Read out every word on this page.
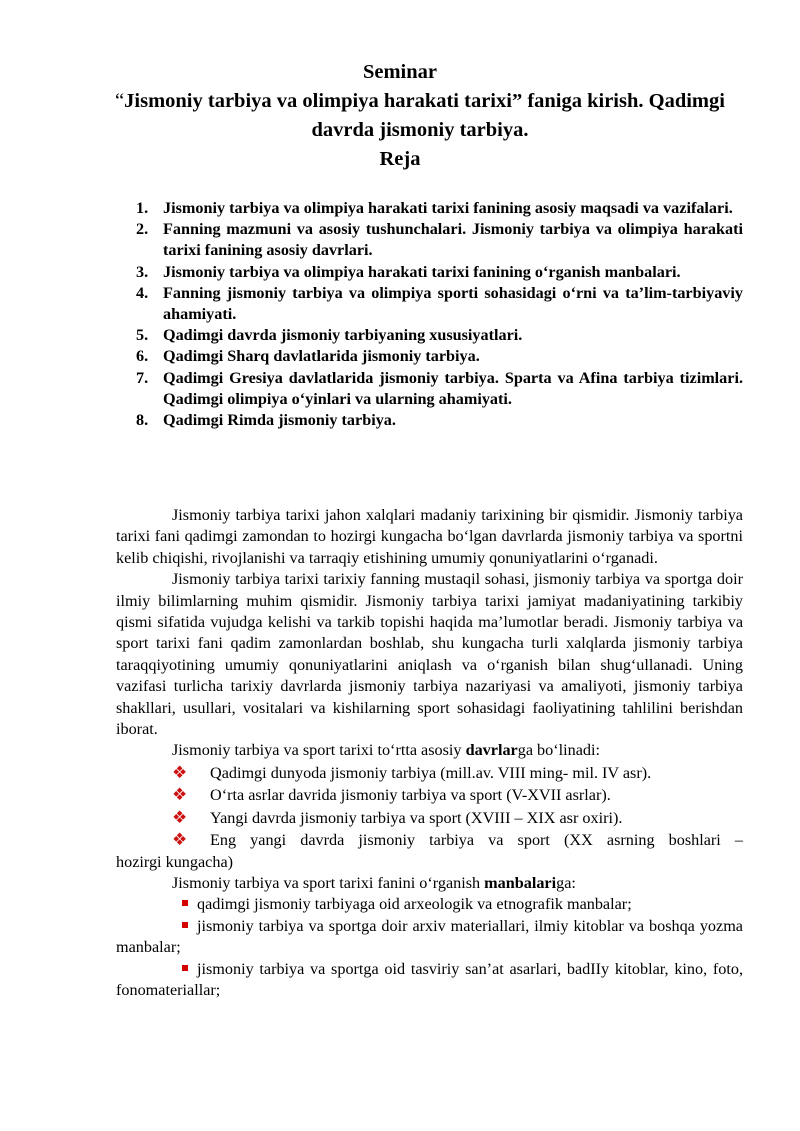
Seminar
“Jismoniy tarbiya va olimpiya harakati tarixi” faniga kirish. Qadimgi davrda jismoniy tarbiya.
Reja
1. Jismoniy tarbiya va olimpiya harakati tarixi fanining asosiy maqsadi va vazifalari.
2. Fanning mazmuni va asosiy tushunchalari. Jismoniy tarbiya va olimpiya harakati tarixi fanining asosiy davrlari.
3. Jismoniy tarbiya va olimpiya harakati tarixi fanining o‘rganish manbalari.
4. Fanning jismoniy tarbiya va olimpiya sporti sohasidagi o‘rni va ta’lim-tarbiyaviy ahamiyati.
5. Qadimgi davrda jismoniy tarbiyaning xususiyatlari.
6. Qadimgi Sharq davlatlarida jismoniy tarbiya.
7. Qadimgi Gresiya davlatlarida jismoniy tarbiya. Sparta va Afina tarbiya tizimlari. Qadimgi olimpiya o‘yinlari va ularning ahamiyati.
8. Qadimgi Rimda jismoniy tarbiya.

Jismoniy tarbiya tarixi jahon xalqlari madaniy tarixining bir qismidir. Jismoniy tarbiya tarixi fani qadimgi zamondan to hozirgi kungacha bo‘lgan davrlarda jismoniy tarbiya va sportni kelib chiqishi, rivojlanishi va tarraqiy etishining umumiy qonuniyatlarini o‘rganadi.

Jismoniy tarbiya tarixi tarixiy fanning mustaqil sohasi, jismoniy tarbiya va sportga doir ilmiy bilimlarning muhim qismidir. Jismoniy tarbiya tarixi jamiyat madaniyatining tarkibiy qismi sifatida vujudga kelishi va tarkib topishi haqida ma’lumotlar beradi. Jismoniy tarbiya va sport tarixi fani qadim zamonlardan boshlab, shu kungacha turli xalqlarda jismoniy tarbiya taraqqiyotining umumiy qonuniyatlarini aniqlash va o‘rganish bilan shug‘ullanadi. Uning vazifasi turlicha tarixiy davrlarda jismoniy tarbiya nazariyasi va amaliyoti, jismoniy tarbiya shakllari, usullari, vositalari va kishilarning sport sohasidagi faoliyatining tahlilini berishdan iborat.

Jismoniy tarbiya va sport tarixi to‘rtta asosiy davrlarga bo‘linadi:

❖	Qadimgi dunyoda jismoniy tarbiya (mill.av. VIII ming- mil. IV asr).

❖	O‘rta asrlar davrida jismoniy tarbiya va sport (V-XVII asrlar).

❖	Yangi davrda jismoniy tarbiya va sport (XVIII – XIX asr oxiri).

❖	Eng yangi davrda jismoniy tarbiya va sport (XX asrning boshlari –

hozirgi kungacha)

Jismoniy tarbiya va sport tarixi fanini o‘rganish manbalariga:

qadimgi jismoniy tarbiyaga oid arxeologik va etnografik manbalar;

jismoniy tarbiya va sportga doir arxiv materiallari, ilmiy kitoblar va boshqa yozma manbalar;

jismoniy tarbiya va sportga oid tasviriy san’at asarlari, badIIy kitoblar, kino, foto, fonomateriallar;
